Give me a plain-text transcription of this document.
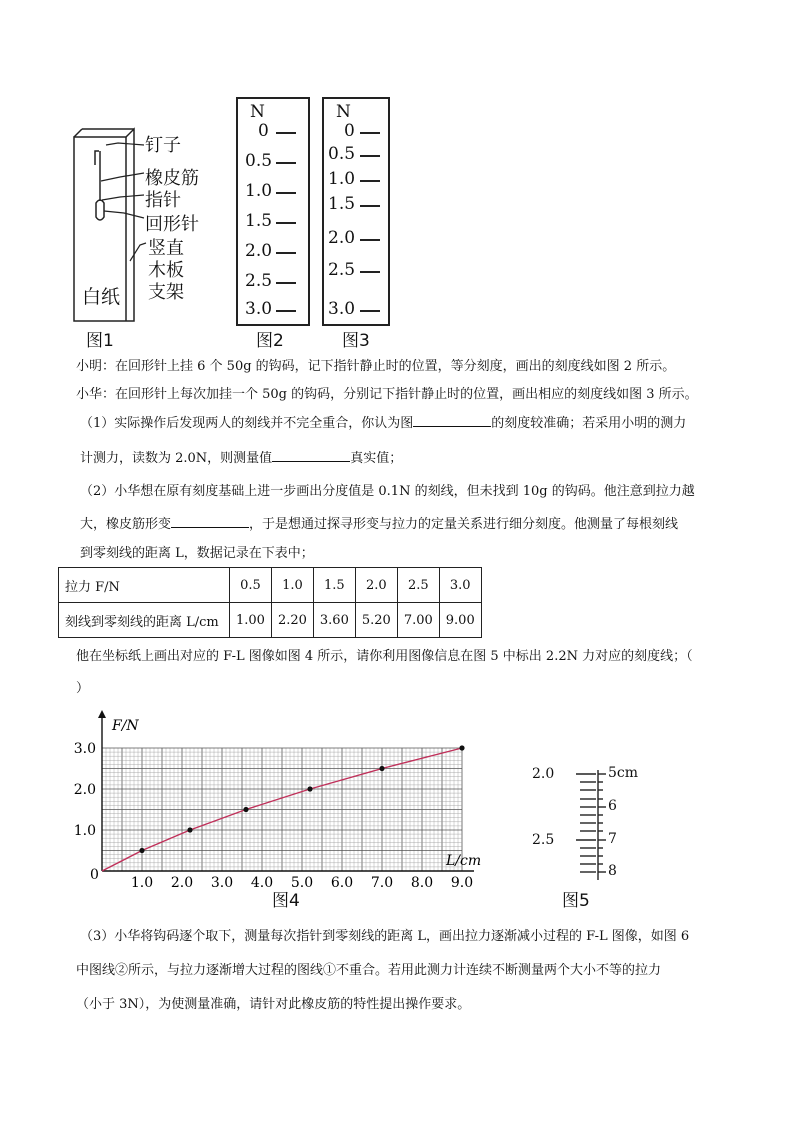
白纸
钉子
橡皮筋
指针
回形针
竖直
木板
支架
图1
N
0
0.5
1.0
1.5
2.0
2.5
3.0
图2
N
0
0.5
1.0
1.5
2.0
2.5
3.0
图3
小明：在回形针上挂 6 个 50g 的钩码，记下指针静止时的位置，等分刻度，画出的刻度线如图 2 所示。
小华：在回形针上每次加挂一个 50g 的钩码，分别记下指针静止时的位置，画出相应的刻度线如图 3 所示。
（1）实际操作后发现两人的刻线并不完全重合，你认为图	的刻度较准确；若采用小明的测力
计测力，读数为 2.0N，则测量值	真实值；
（2）小华想在原有刻度基础上进一步画出分度值是 0.1N 的刻线，但未找到 10g 的钩码。他注意到拉力越
大，橡皮筋形变	，于是想通过探寻形变与拉力的定量关系进行细分刻度。他测量了每根刻线
到零刻线的距离 L，数据记录在下表中；
拉力 F/N	0.5	1.0	1.5	2.0	2.5	3.0
刻线到零刻线的距离 L/cm	1.00	2.20	3.60	5.20	7.00	9.00
他在坐标纸上画出对应的 F-L 图像如图 4 所示，请你利用图像信息在图 5 中标出 2.2N 力对应的刻度线；（
）
F/N
L/cm
0 1.0 2.0 3.0 4.0 5.0 6.0 7.0 8.0 9.0
1.0
2.0
3.0
图4
2.0
2.5
5cm
6
7
8
图5
（3）小华将钩码逐个取下，测量每次指针到零刻线的距离 L，画出拉力逐渐减小过程的 F-L 图像，如图 6
中图线②所示，与拉力逐渐增大过程的图线①不重合。若用此测力计连续不断测量两个大小不等的拉力
（小于 3N），为使测量准确，请针对此橡皮筋的特性提出操作要求。
